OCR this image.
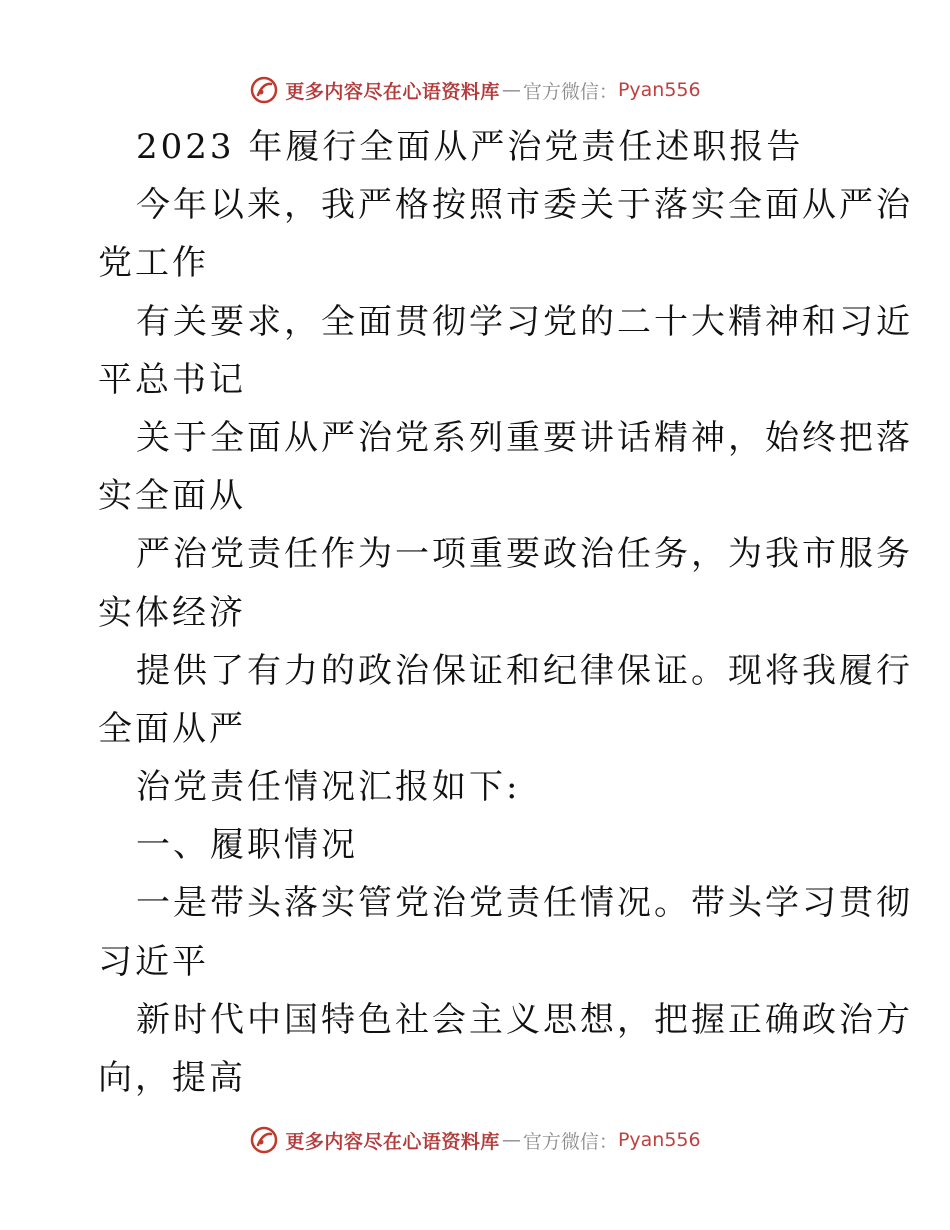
更多内容尽在心语资料库 — 官方微信： Pyan556
2023 年履行全面从严治党责任述职报告
今年以来，我严格按照市委关于落实全面从严治
党工作
有关要求，全面贯彻学习党的二十大精神和习近
平总书记
关于全面从严治党系列重要讲话精神，始终把落
实全面从
严治党责任作为一项重要政治任务，为我市服务
实体经济
提供了有力的政治保证和纪律保证。现将我履行
全面从严
治党责任情况汇报如下:
一、履职情况
一是带头落实管党治党责任情况。带头学习贯彻
习近平
新时代中国特色社会主义思想，把握正确政治方
向，提高
更多内容尽在心语资料库 — 官方微信： Pyan556
